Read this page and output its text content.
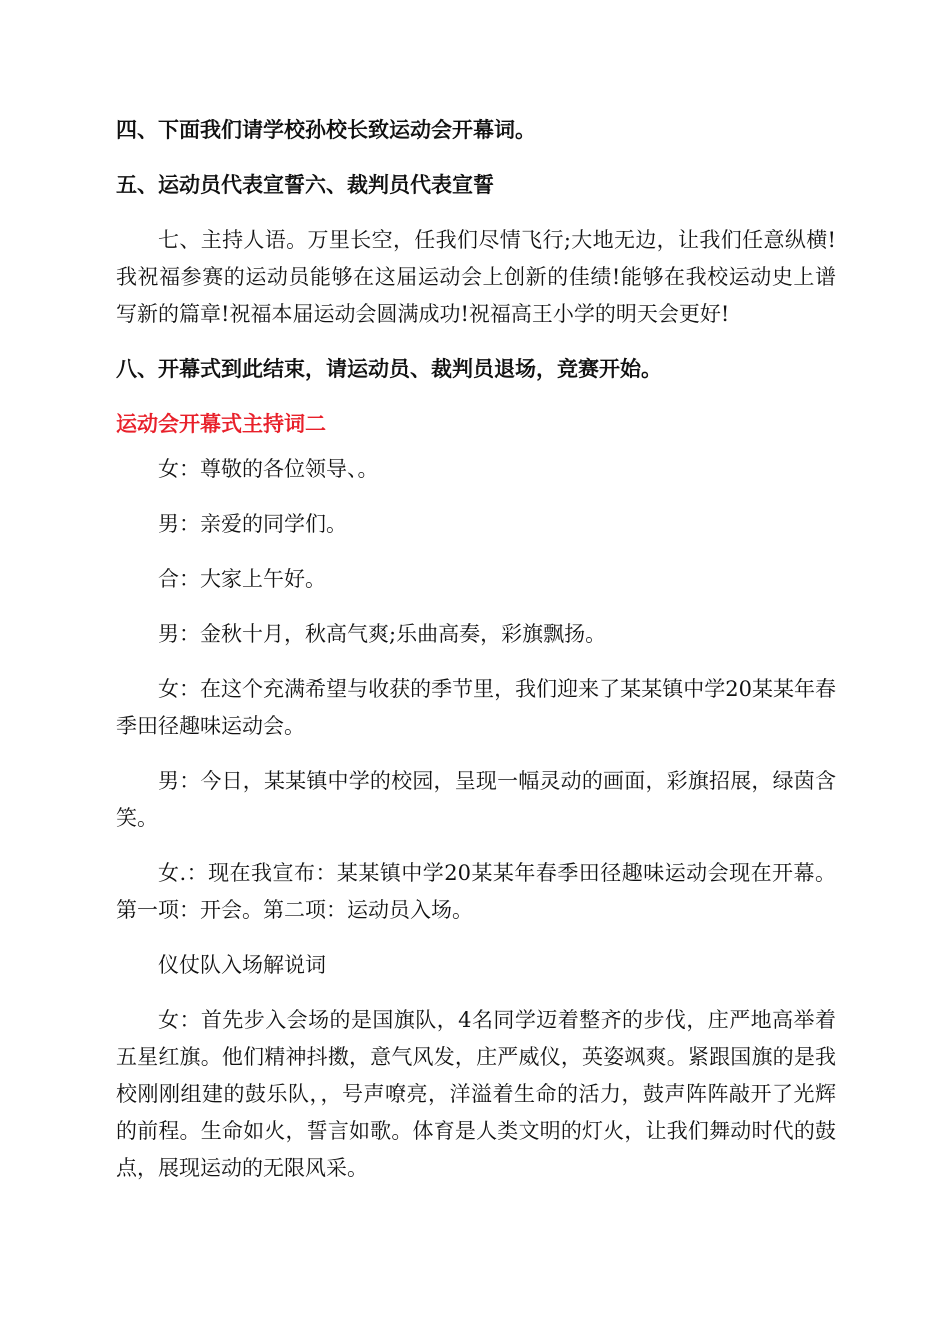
四、下面我们请学校孙校长致运动会开幕词。

五、运动员代表宣誓六、裁判员代表宣誓

七、主持人语。万里长空，任我们尽情飞行;大地无边，让我们任意纵横!我祝福参赛的运动员能够在这届运动会上创新的佳绩!能够在我校运动史上谱写新的篇章!祝福本届运动会圆满成功!祝福高王小学的明天会更好!

八、开幕式到此结束，请运动员、裁判员退场，竞赛开始。

运动会开幕式主持词二

女：尊敬的各位领导、。

男：亲爱的同学们。

合：大家上午好。

男：金秋十月，秋高气爽;乐曲高奏，彩旗飘扬。

女：在这个充满希望与收获的季节里，我们迎来了某某镇中学20某某年春季田径趣味运动会。

男：今日，某某镇中学的校园，呈现一幅灵动的画面，彩旗招展，绿茵含笑。

女.：现在我宣布：某某镇中学20某某年春季田径趣味运动会现在开幕。第一项：开会。第二项：运动员入场。

仪仗队入场解说词

女：首先步入会场的是国旗队，4名同学迈着整齐的步伐，庄严地高举着五星红旗。他们精神抖擞，意气风发，庄严威仪，英姿飒爽。紧跟国旗的是我校刚刚组建的鼓乐队，，号声嘹亮，洋溢着生命的活力，鼓声阵阵敲开了光辉的前程。生命如火，誓言如歌。体育是人类文明的灯火，让我们舞动时代的鼓点，展现运动的无限风采。
